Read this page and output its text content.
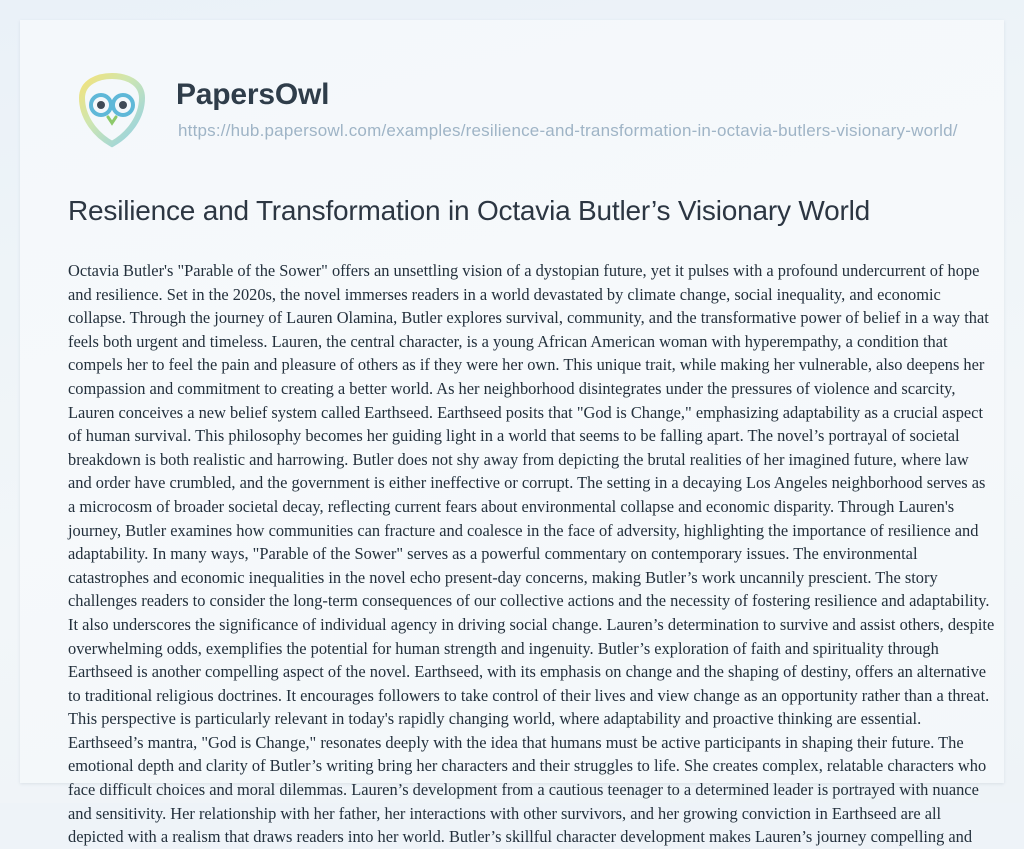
PapersOwl
https://hub.papersowl.com/examples/resilience-and-transformation-in-octavia-butlers-visionary-world/
Resilience and Transformation in Octavia Butler’s Visionary World
Octavia Butler's "Parable of the Sower" offers an unsettling vision of a dystopian future, yet it pulses with a profound undercurrent of hope and resilience. Set in the 2020s, the novel immerses readers in a world devastated by climate change, social inequality, and economic collapse. Through the journey of Lauren Olamina, Butler explores survival, community, and the transformative power of belief in a way that feels both urgent and timeless. Lauren, the central character, is a young African American woman with hyperempathy, a condition that compels her to feel the pain and pleasure of others as if they were her own. This unique trait, while making her vulnerable, also deepens her compassion and commitment to creating a better world. As her neighborhood disintegrates under the pressures of violence and scarcity, Lauren conceives a new belief system called Earthseed. Earthseed posits that "God is Change," emphasizing adaptability as a crucial aspect of human survival. This philosophy becomes her guiding light in a world that seems to be falling apart. The novel’s portrayal of societal breakdown is both realistic and harrowing. Butler does not shy away from depicting the brutal realities of her imagined future, where law and order have crumbled, and the government is either ineffective or corrupt. The setting in a decaying Los Angeles neighborhood serves as a microcosm of broader societal decay, reflecting current fears about environmental collapse and economic disparity. Through Lauren's journey, Butler examines how communities can fracture and coalesce in the face of adversity, highlighting the importance of resilience and adaptability. In many ways, "Parable of the Sower" serves as a powerful commentary on contemporary issues. The environmental catastrophes and economic inequalities in the novel echo present-day concerns, making Butler’s work uncannily prescient. The story challenges readers to consider the long-term consequences of our collective actions and the necessity of fostering resilience and adaptability. It also underscores the significance of individual agency in driving social change. Lauren’s determination to survive and assist others, despite overwhelming odds, exemplifies the potential for human strength and ingenuity. Butler’s exploration of faith and spirituality through Earthseed is another compelling aspect of the novel. Earthseed, with its emphasis on change and the shaping of destiny, offers an alternative to traditional religious doctrines. It encourages followers to take control of their lives and view change as an opportunity rather than a threat. This perspective is particularly relevant in today's rapidly changing world, where adaptability and proactive thinking are essential. Earthseed’s mantra, "God is Change," resonates deeply with the idea that humans must be active participants in shaping their future. The emotional depth and clarity of Butler’s writing bring her characters and their struggles to life. She creates complex, relatable characters who face difficult choices and moral dilemmas. Lauren’s development from a cautious teenager to a determined leader is portrayed with nuance and sensitivity. Her relationship with her father, her interactions with other survivors, and her growing conviction in Earthseed are all depicted with a realism that draws readers into her world. Butler’s skillful character development makes Lauren’s journey compelling and
